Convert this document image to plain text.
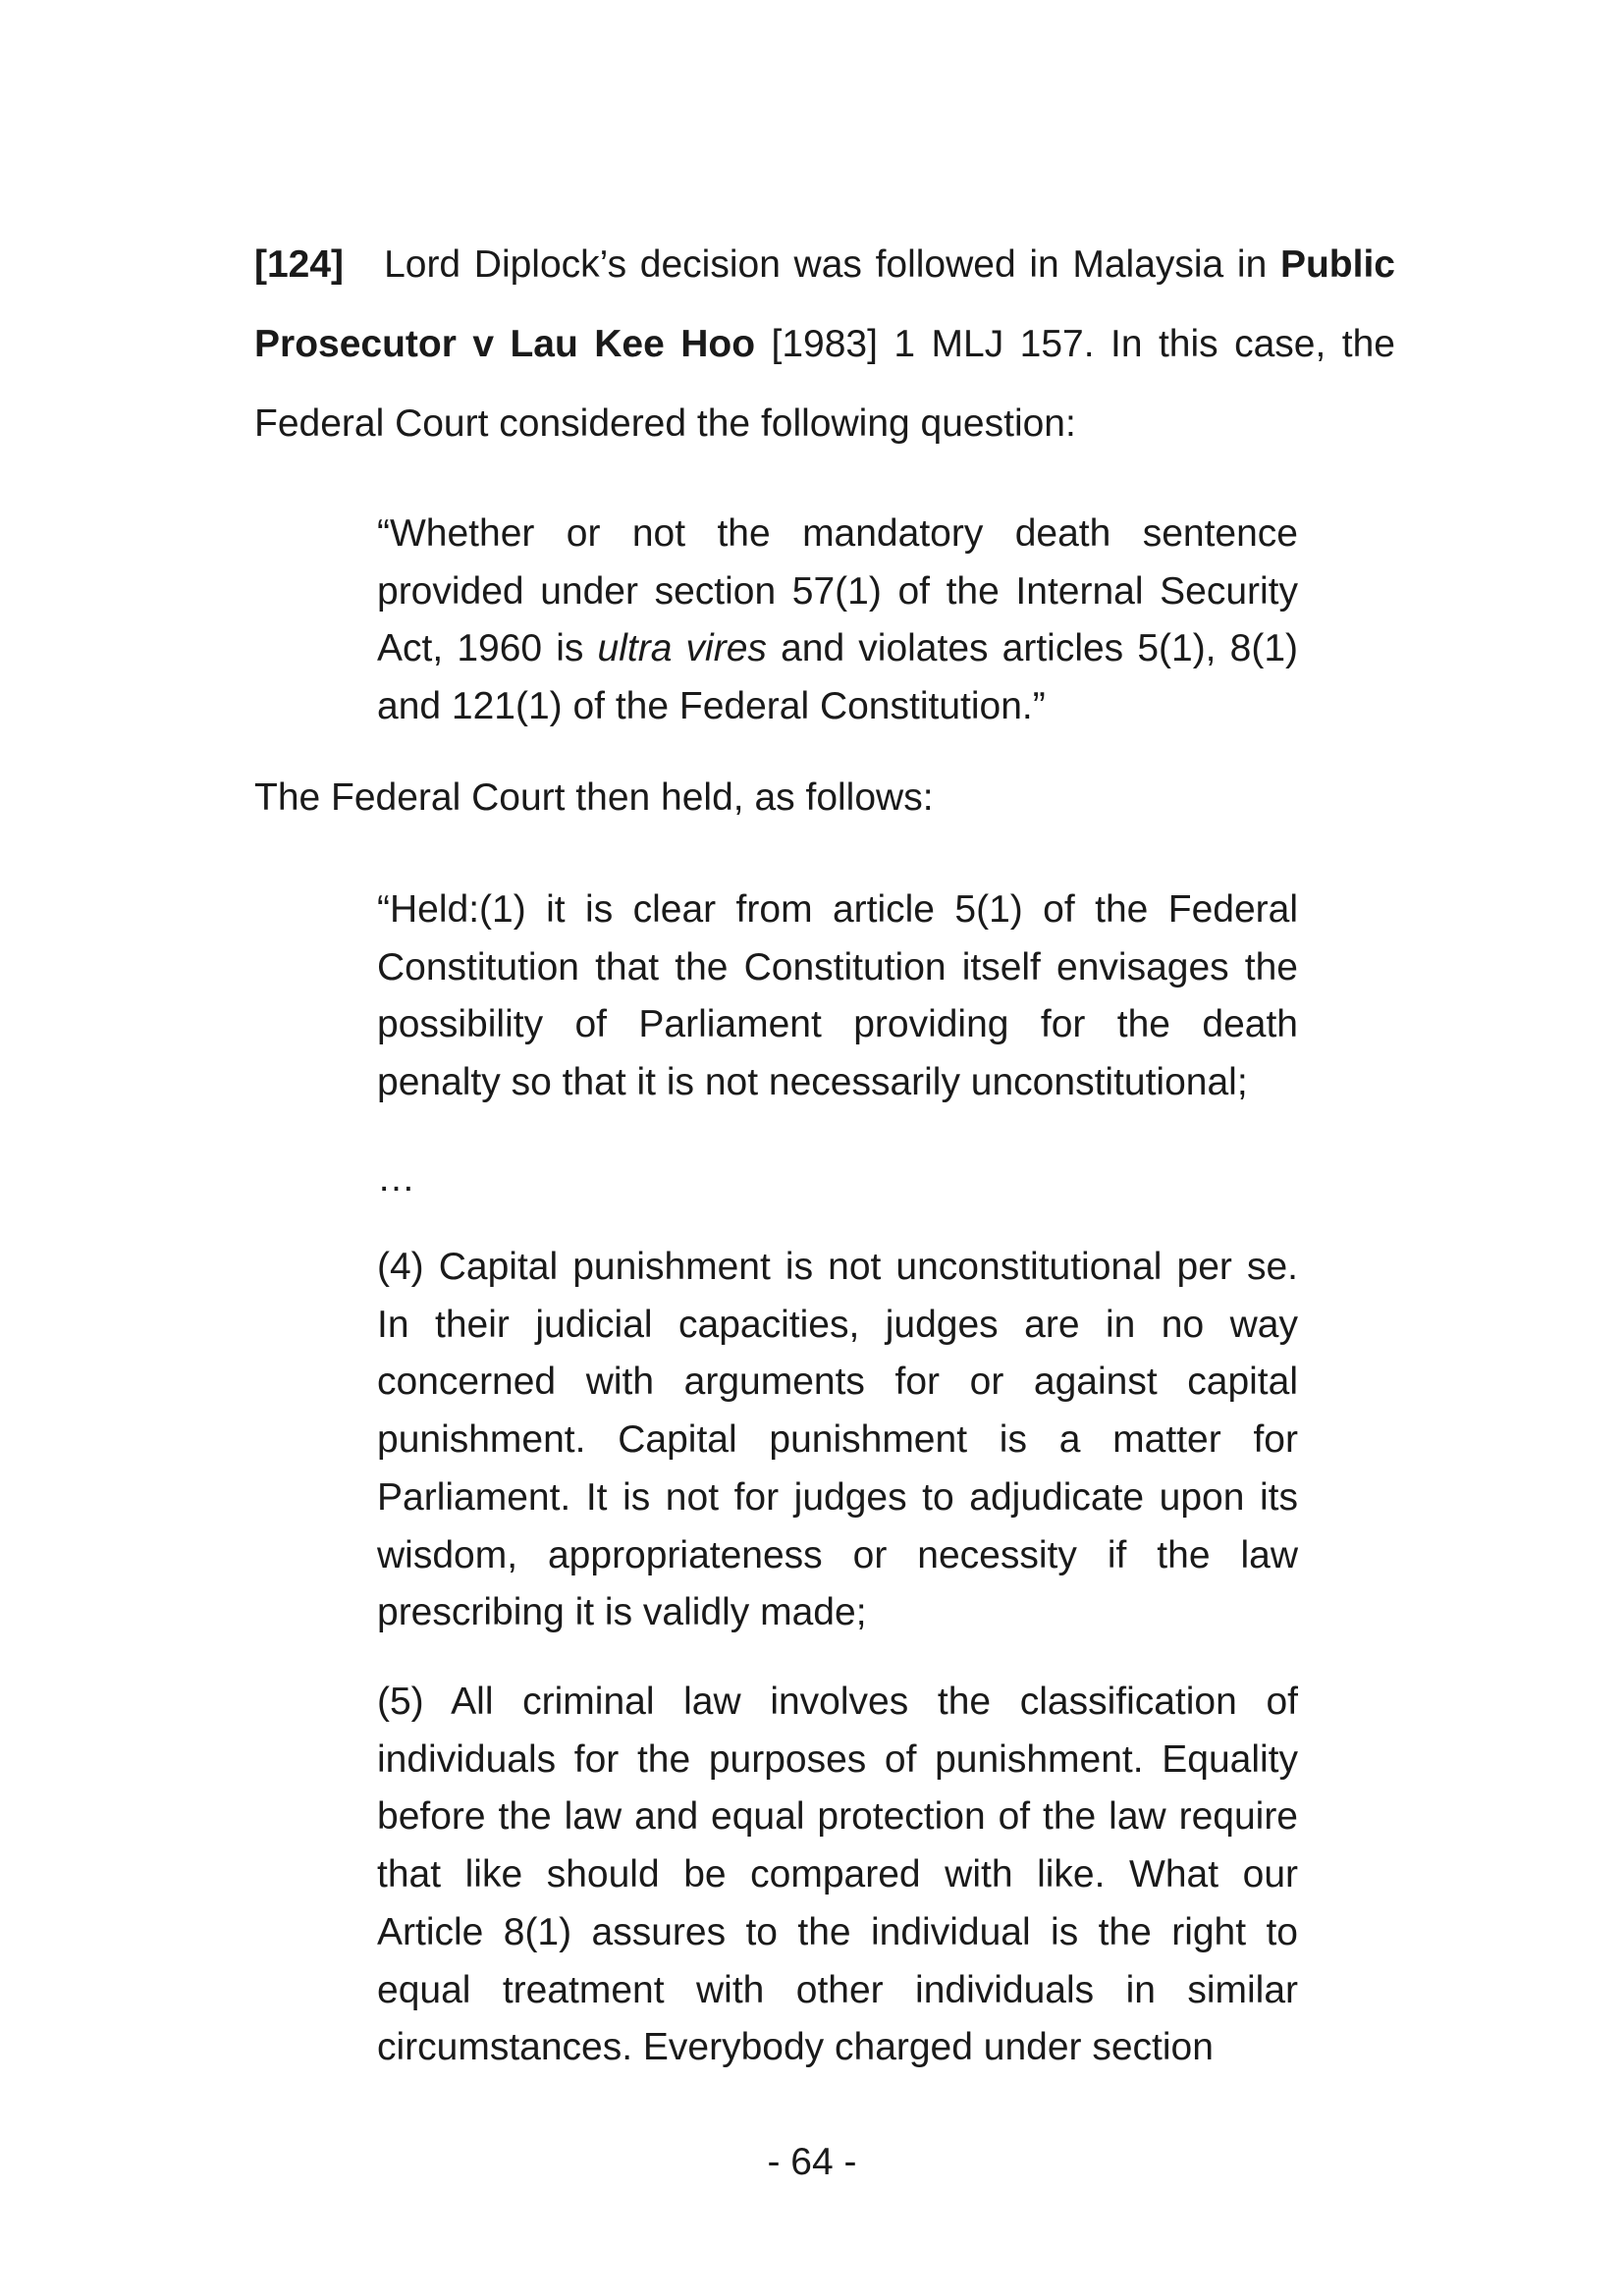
[124] Lord Diplock’s decision was followed in Malaysia in Public Prosecutor v Lau Kee Hoo [1983] 1 MLJ 157. In this case, the Federal Court considered the following question:

“Whether or not the mandatory death sentence provided under section 57(1) of the Internal Security Act, 1960 is ultra vires and violates articles 5(1), 8(1) and 121(1) of the Federal Constitution.”

The Federal Court then held, as follows:

“Held:(1) it is clear from article 5(1) of the Federal Constitution that the Constitution itself envisages the possibility of Parliament providing for the death penalty so that it is not necessarily unconstitutional;

…

(4) Capital punishment is not unconstitutional per se. In their judicial capacities, judges are in no way concerned with arguments for or against capital punishment. Capital punishment is a matter for Parliament. It is not for judges to adjudicate upon its wisdom, appropriateness or necessity if the law prescribing it is validly made;

(5) All criminal law involves the classification of individuals for the purposes of punishment. Equality before the law and equal protection of the law require that like should be compared with like. What our Article 8(1) assures to the individual is the right to equal treatment with other individuals in similar circumstances. Everybody charged under section

- 64 -
